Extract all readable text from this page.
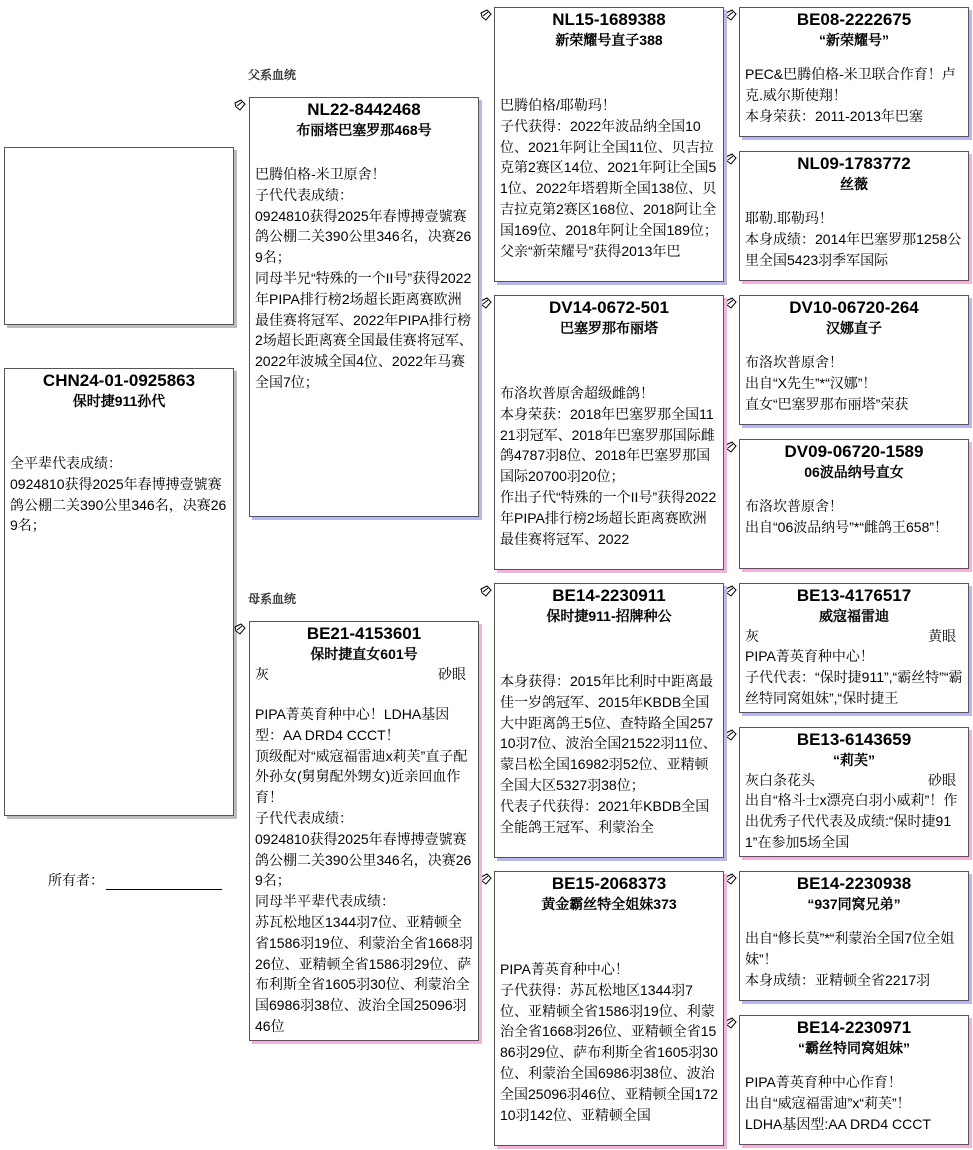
CHN24-01-0925863
保时捷911孙代
全平辈代表成绩：
0924810获得2025年春博搏壹號赛鸽公棚二关390公里346名，决赛269名；
所有者：
父系血统
母系血统
NL22-8442468
布丽塔巴塞罗那468号
巴腾伯格-米卫原舍！
子代代表成绩：
0924810获得2025年春博搏壹號赛鸽公棚二关390公里346名，决赛269名；
同母半兄“特殊的一个II号”获得2022年PIPA排行榜2场超长距离赛欧洲最佳赛将冠军、2022年PIPA排行榜2场超长距离赛全国最佳赛将冠军、2022年波城全国4位、2022年马赛全国7位；
BE21-4153601
保时捷直女601号
灰	砂眼
PIPA菁英育种中心！LDHA基因型：AA DRD4 CCCT！
顶级配对“威寇福雷迪x莉芙”直子配外孙女(舅舅配外甥女)近亲回血作育！
子代代表成绩：
0924810获得2025年春博搏壹號赛鸽公棚二关390公里346名，决赛269名；
同母半平辈代表成绩：
苏瓦松地区1344羽7位、亚精顿全省1586羽19位、利蒙治全省1668羽26位、亚精顿全省1586羽29位、萨布利斯全省1605羽30位、利蒙治全国6986羽38位、波治全国25096羽46位
NL15-1689388
新荣耀号直子388
巴腾伯格/耶勒玛！
子代获得：2022年波品纳全国10位、2021年阿让全国11位、贝吉拉克第2赛区14位、2021年阿让全国51位、2022年塔碧斯全国138位、贝吉拉克第2赛区168位、2018阿让全国169位、2018年阿让全国189位；
父亲“新荣耀号”获得2013年巴
DV14-0672-501
巴塞罗那布丽塔
布洛坎普原舍超级雌鸽！
本身荣获：2018年巴塞罗那全国1121羽冠军、2018年巴塞罗那国际雌鸽4787羽8位、2018年巴塞罗那国国际20700羽20位；
作出子代“特殊的一个II号”获得2022年PIPA排行榜2场超长距离赛欧洲最佳赛将冠军、2022
BE14-2230911
保时捷911-招牌种公
本身获得：2015年比利时中距离最佳一岁鸽冠军、2015年KBDB全国大中距离鸽王5位、查特路全国25710羽7位、波治全国21522羽11位、蒙吕松全国16982羽52位、亚精顿全国大区5327羽38位；
代表子代获得：2021年KBDB全国全能鸽王冠军、利蒙治全
BE15-2068373
黄金霸丝特全姐妹373
PIPA菁英育种中心！
子代获得：苏瓦松地区1344羽7位、亚精顿全省1586羽19位、利蒙治全省1668羽26位、亚精顿全省1586羽29位、萨布利斯全省1605羽30位、利蒙治全国6986羽38位、波治全国25096羽46位、亚精顿全国17210羽142位、亚精顿全国
BE08-2222675
“新荣耀号”
PEC&巴腾伯格-米卫联合作育！卢克.威尔斯使翔！
本身荣获：2011-2013年巴塞
NL09-1783772
丝薇
耶勒.耶勒玛！
本身成绩：2014年巴塞罗那1258公里全国5423羽季军国际
DV10-06720-264
汉娜直子
布洛坎普原舍！
出自“X先生”*“汉娜”！
直女“巴塞罗那布丽塔”荣获
DV09-06720-1589
06波品纳号直女
布洛坎普原舍！
出自“06波品纳号”*“雌鸽王658”！
BE13-4176517
威寇福雷迪
灰	黄眼
PIPA菁英育种中心！
子代代表：“保时捷911”,“霸丝特”“霸丝特同窝姐妹”,“保时捷王
BE13-6143659
“莉芙”
灰白条花头	砂眼
出自“格斗士x漂亮白羽小威莉”！作出优秀子代代表及成绩:“保时捷911”在参加5场全国
BE14-2230938
“937同窝兄弟”
出自“修长莫”*“利蒙治全国7位全姐妹”！
本身成绩：亚精顿全省2217羽
BE14-2230971
“霸丝特同窝姐妹”
PIPA菁英育种中心作育！
出自“威寇福雷迪”x“莉芙”！
LDHA基因型:AA DRD4 CCCT
